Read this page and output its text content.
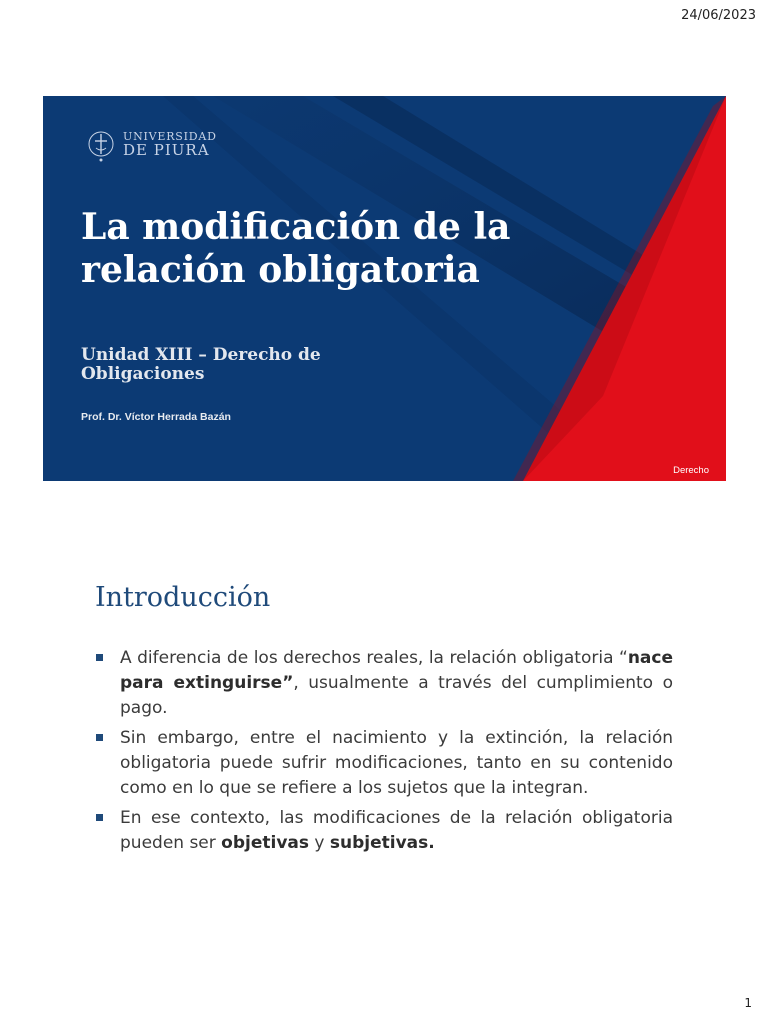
24/06/2023
UNIVERSIDAD
DE PIURA
La modificación de la relación obligatoria
Unidad XIII – Derecho de Obligaciones

Prof. Dr. Víctor Herrada Bazán

Derecho
Introducción
A diferencia de los derechos reales, la relación obligatoria “nace para extinguirse”, usualmente a través del cumplimiento o pago.
Sin embargo, entre el nacimiento y la extinción, la relación obligatoria puede sufrir modificaciones, tanto en su contenido como en lo que se refiere a los sujetos que la integran.
En ese contexto, las modificaciones de la relación obligatoria pueden ser objetivas y subjetivas.
1
